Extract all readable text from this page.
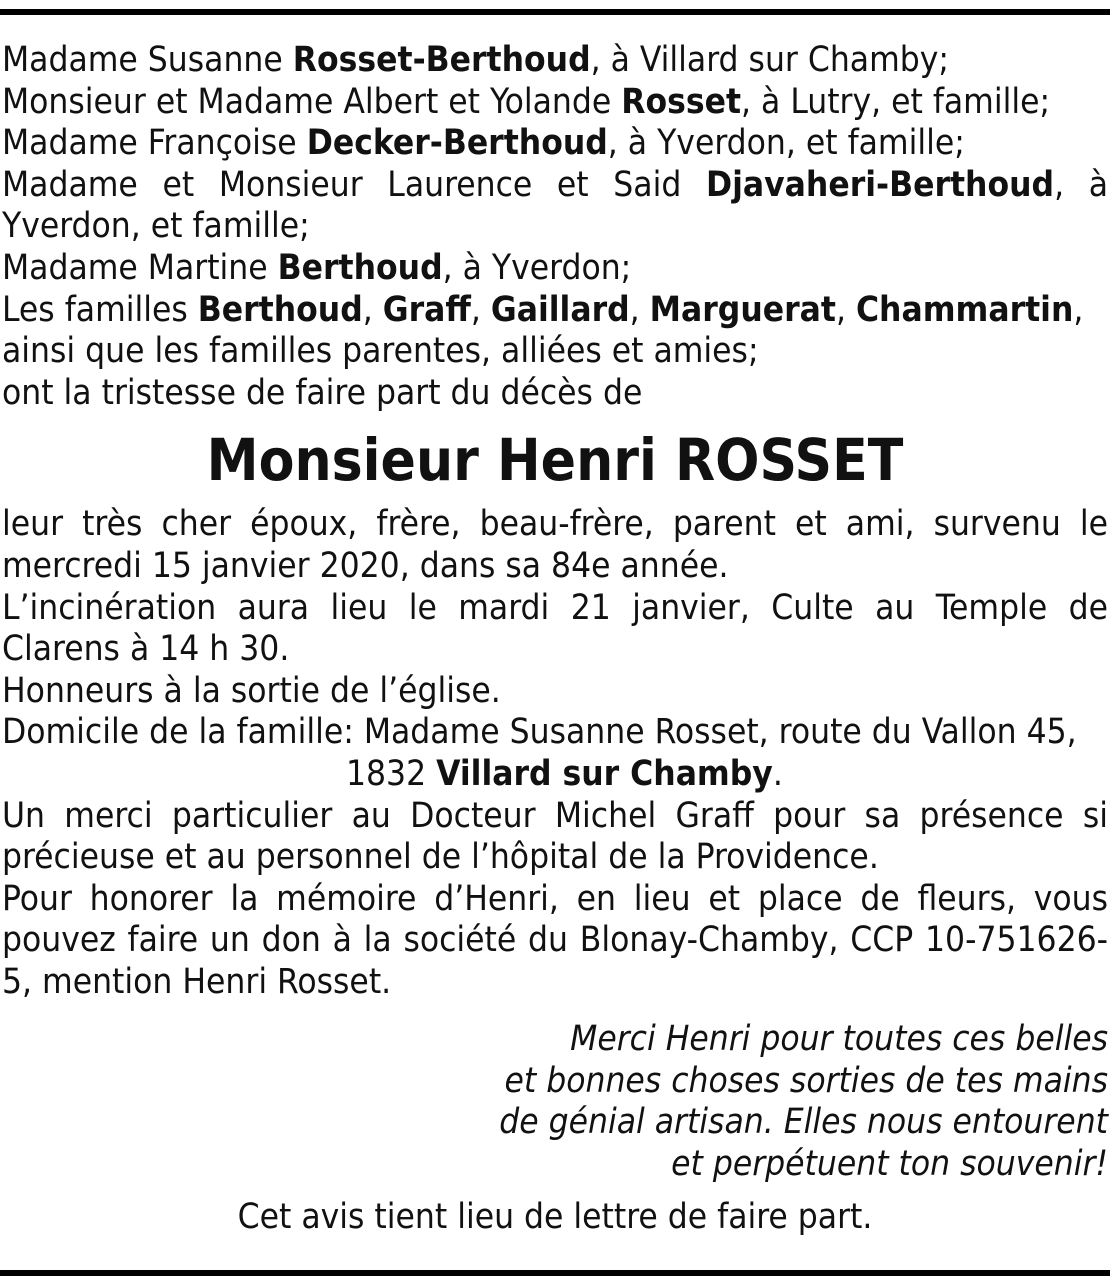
Madame Susanne Rosset-Berthoud, à Villard sur Chamby;

Monsieur et Madame Albert et Yolande Rosset, à Lutry, et famille;

Madame Françoise Decker-Berthoud, à Yverdon, et famille;

Madame et Monsieur Laurence et Said Djavaheri-Berthoud, à Yverdon, et famille;

Madame Martine Berthoud, à Yverdon;

Les familles Berthoud, Graff, Gaillard, Marguerat, Chammartin,

ainsi que les familles parentes, alliées et amies;

ont la tristesse de faire part du décès de

Monsieur Henri ROSSET

leur très cher époux, frère, beau-frère, parent et ami, survenu le mercredi 15 janvier 2020, dans sa 84e année.

L’incinération aura lieu le mardi 21 janvier, Culte au Temple de Clarens à 14 h 30.

Honneurs à la sortie de l’église.

Domicile de la famille: Madame Susanne Rosset, route du Vallon 45,

1832 Villard sur Chamby.

Un merci particulier au Docteur Michel Graff pour sa présence si précieuse et au personnel de l’hôpital de la Providence.

Pour honorer la mémoire d’Henri, en lieu et place de fleurs, vous pouvez faire un don à la société du Blonay-Chamby, CCP 10-751626-5, mention Henri Rosset.

Merci Henri pour toutes ces belles

et bonnes choses sorties de tes mains

de génial artisan. Elles nous entourent

et perpétuent ton souvenir!

Cet avis tient lieu de lettre de faire part.
